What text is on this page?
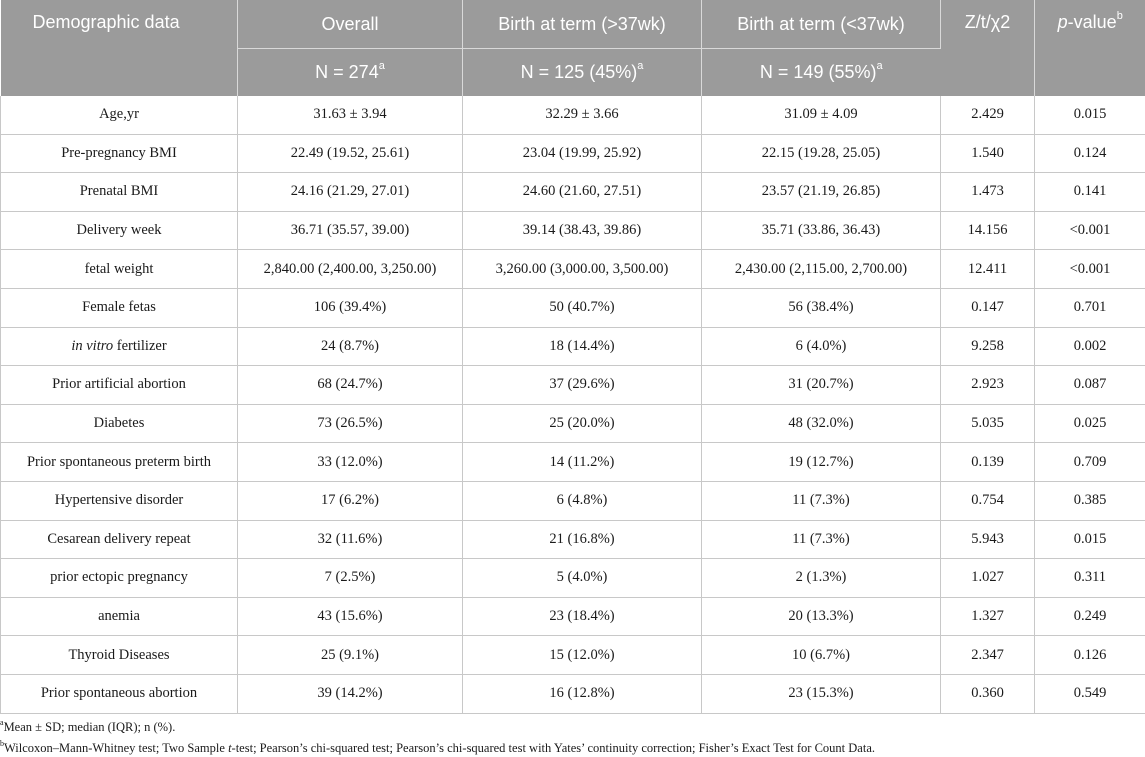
Demographic data	Overall	Birth at term (>37wk)	Birth at term (<37wk)	Z/t/χ2	p-value$^b$
	$N = 274^a$	N = 125 $(45\%)^a$	N = 149 $(55\%)^a$
Age,yr	31.63 ± 3.94	32.29 ± 3.66	31.09 ± 4.09	2.429	0.015
Pre-pregnancy BMI	22.49 (19.52, 25.61)	23.04 (19.99, 25.92)	22.15 (19.28, 25.05)	1.540	0.124
Prenatal BMI	24.16 (21.29, 27.01)	24.60 (21.60, 27.51)	23.57 (21.19, 26.85)	1.473	0.141
Delivery week	36.71 (35.57, 39.00)	39.14 (38.43, 39.86)	35.71 (33.86, 36.43)	14.156	<0.001
fetal weight	2,840.00 (2,400.00, 3,250.00)	3,260.00 (3,000.00, 3,500.00)	2,430.00 (2,115.00, 2,700.00)	12.411	<0.001
Female fetas	106 (39.4%)	50 (40.7%)	56 (38.4%)	0.147	0.701
in vitro fertilizer	24 (8.7%)	18 (14.4%)	6 (4.0%)	9.258	0.002
Prior artificial abortion	68 (24.7%)	37 (29.6%)	31 (20.7%)	2.923	0.087
Diabetes	73 (26.5%)	25 (20.0%)	48 (32.0%)	5.035	0.025
Prior spontaneous preterm birth	33 (12.0%)	14 (11.2%)	19 (12.7%)	0.139	0.709
Hypertensive disorder	17 (6.2%)	6 (4.8%)	11 (7.3%)	0.754	0.385
Cesarean delivery repeat	32 (11.6%)	21 (16.8%)	11 (7.3%)	5.943	0.015
prior ectopic pregnancy	7 (2.5%)	5 (4.0%)	2 (1.3%)	1.027	0.311
anemia	43 (15.6%)	23 (18.4%)	20 (13.3%)	1.327	0.249
Thyroid Diseases	25 (9.1%)	15 (12.0%)	10 (6.7%)	2.347	0.126
Prior spontaneous abortion	39 (14.2%)	16 (12.8%)	23 (15.3%)	0.360	0.549
$^a$Mean ± SD; median (IQR); n (%).
$^b$Wilcoxon–Mann-Whitney test; Two Sample t-test; Pearson’s chi-squared test; Pearson’s chi-squared test with Yates’ continuity correction; Fisher’s Exact Test for Count Data.
